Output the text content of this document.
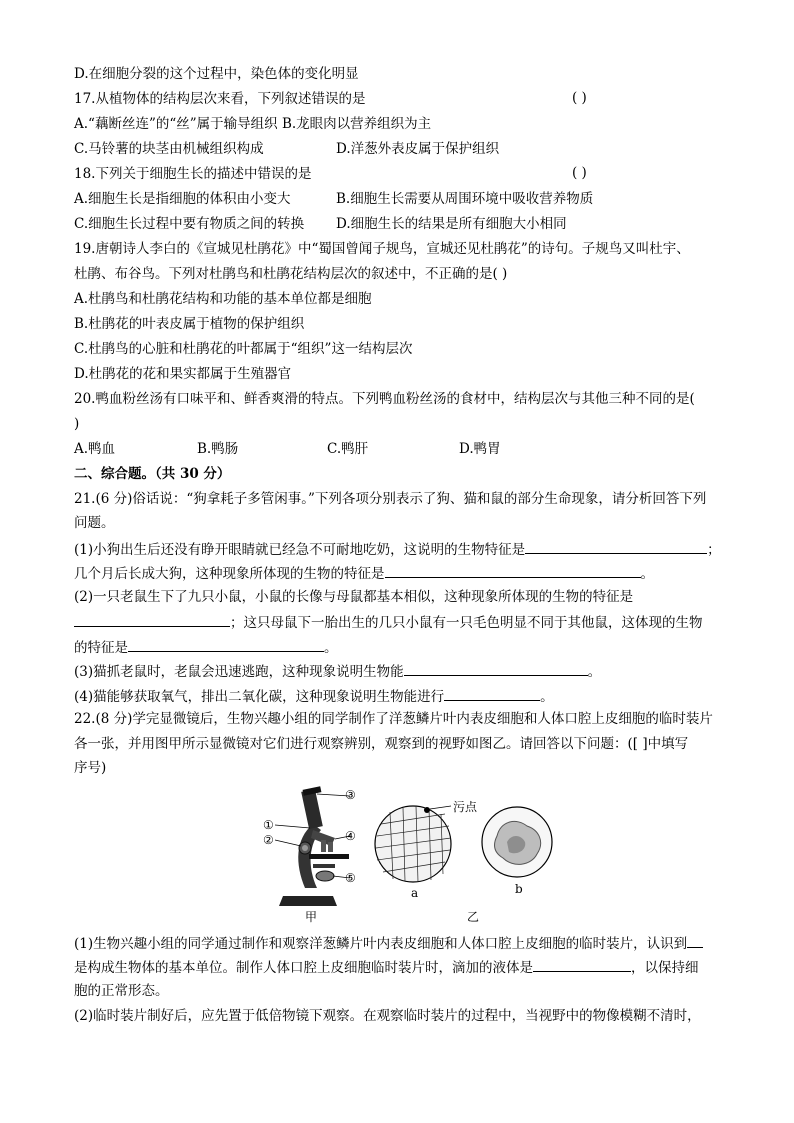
D.在细胞分裂的这个过程中，染色体的变化明显
17.从植物体的结构层次来看，下列叙述错误的是	( )
A.“藕断丝连”的“丝”属于输导组织 B.龙眼肉以营养组织为主
C.马铃薯的块茎由机械组织构成	D.洋葱外表皮属于保护组织
18.下列关于细胞生长的描述中错误的是	( )
A.细胞生长是指细胞的体积由小变大	B.细胞生长需要从周围环境中吸收营养物质
C.细胞生长过程中要有物质之间的转换 D.细胞生长的结果是所有细胞大小相同
19.唐朝诗人李白的《宣城见杜鹃花》中“蜀国曾闻子规鸟，宣城还见杜鹃花”的诗句。子规鸟又叫杜宇、
杜鹃、布谷鸟。下列对杜鹃鸟和杜鹃花结构层次的叙述中，不正确的是( )
A.杜鹃鸟和杜鹃花结构和功能的基本单位都是细胞
B.杜鹃花的叶表皮属于植物的保护组织
C.杜鹃鸟的心脏和杜鹃花的叶都属于“组织”这一结构层次
D.杜鹃花的花和果实都属于生殖器官
20.鸭血粉丝汤有口味平和、鲜香爽滑的特点。下列鸭血粉丝汤的食材中，结构层次与其他三种不同的是(
)
A.鸭血	B.鸭肠	C.鸭肝	D.鸭胃
二、综合题。（共 30 分）
21.(6 分)俗话说：“狗拿耗子多管闲事。”下列各项分别表示了狗、猫和鼠的部分生命现象，请分析回答下列
问题。
(1)小狗出生后还没有睁开眼睛就已经急不可耐地吃奶，这说明的生物特征是	；
几个月后长成大狗，这种现象所体现的生物的特征是	。
(2)一只老鼠生下了九只小鼠，小鼠的长像与母鼠都基本相似，这种现象所体现的生物的特征是
；这只母鼠下一胎出生的几只小鼠有一只毛色明显不同于其他鼠，这体现的生物
的特征是	。
(3)猫抓老鼠时，老鼠会迅速逃跑，这种现象说明生物能	。
(4)猫能够获取氧气，排出二氧化碳，这种现象说明生物能进行	。
22.(8 分)学完显微镜后，生物兴趣小组的同学制作了洋葱鳞片叶内表皮细胞和人体口腔上皮细胞的临时装片
各一张，并用图甲所示显微镜对它们进行观察辨别，观察到的视野如图乙。请回答以下问题：([ ]中填写
序号)
③
①
②	④
⑤
污点
a	b
甲	乙
(1)生物兴趣小组的同学通过制作和观察洋葱鳞片叶内表皮细胞和人体口腔上皮细胞的临时装片，认识到
是构成生物体的基本单位。制作人体口腔上皮细胞临时装片时，滴加的液体是	，以保持细
胞的正常形态。
(2)临时装片制好后，应先置于低倍物镜下观察。在观察临时装片的过程中，当视野中的物像模糊不清时，
